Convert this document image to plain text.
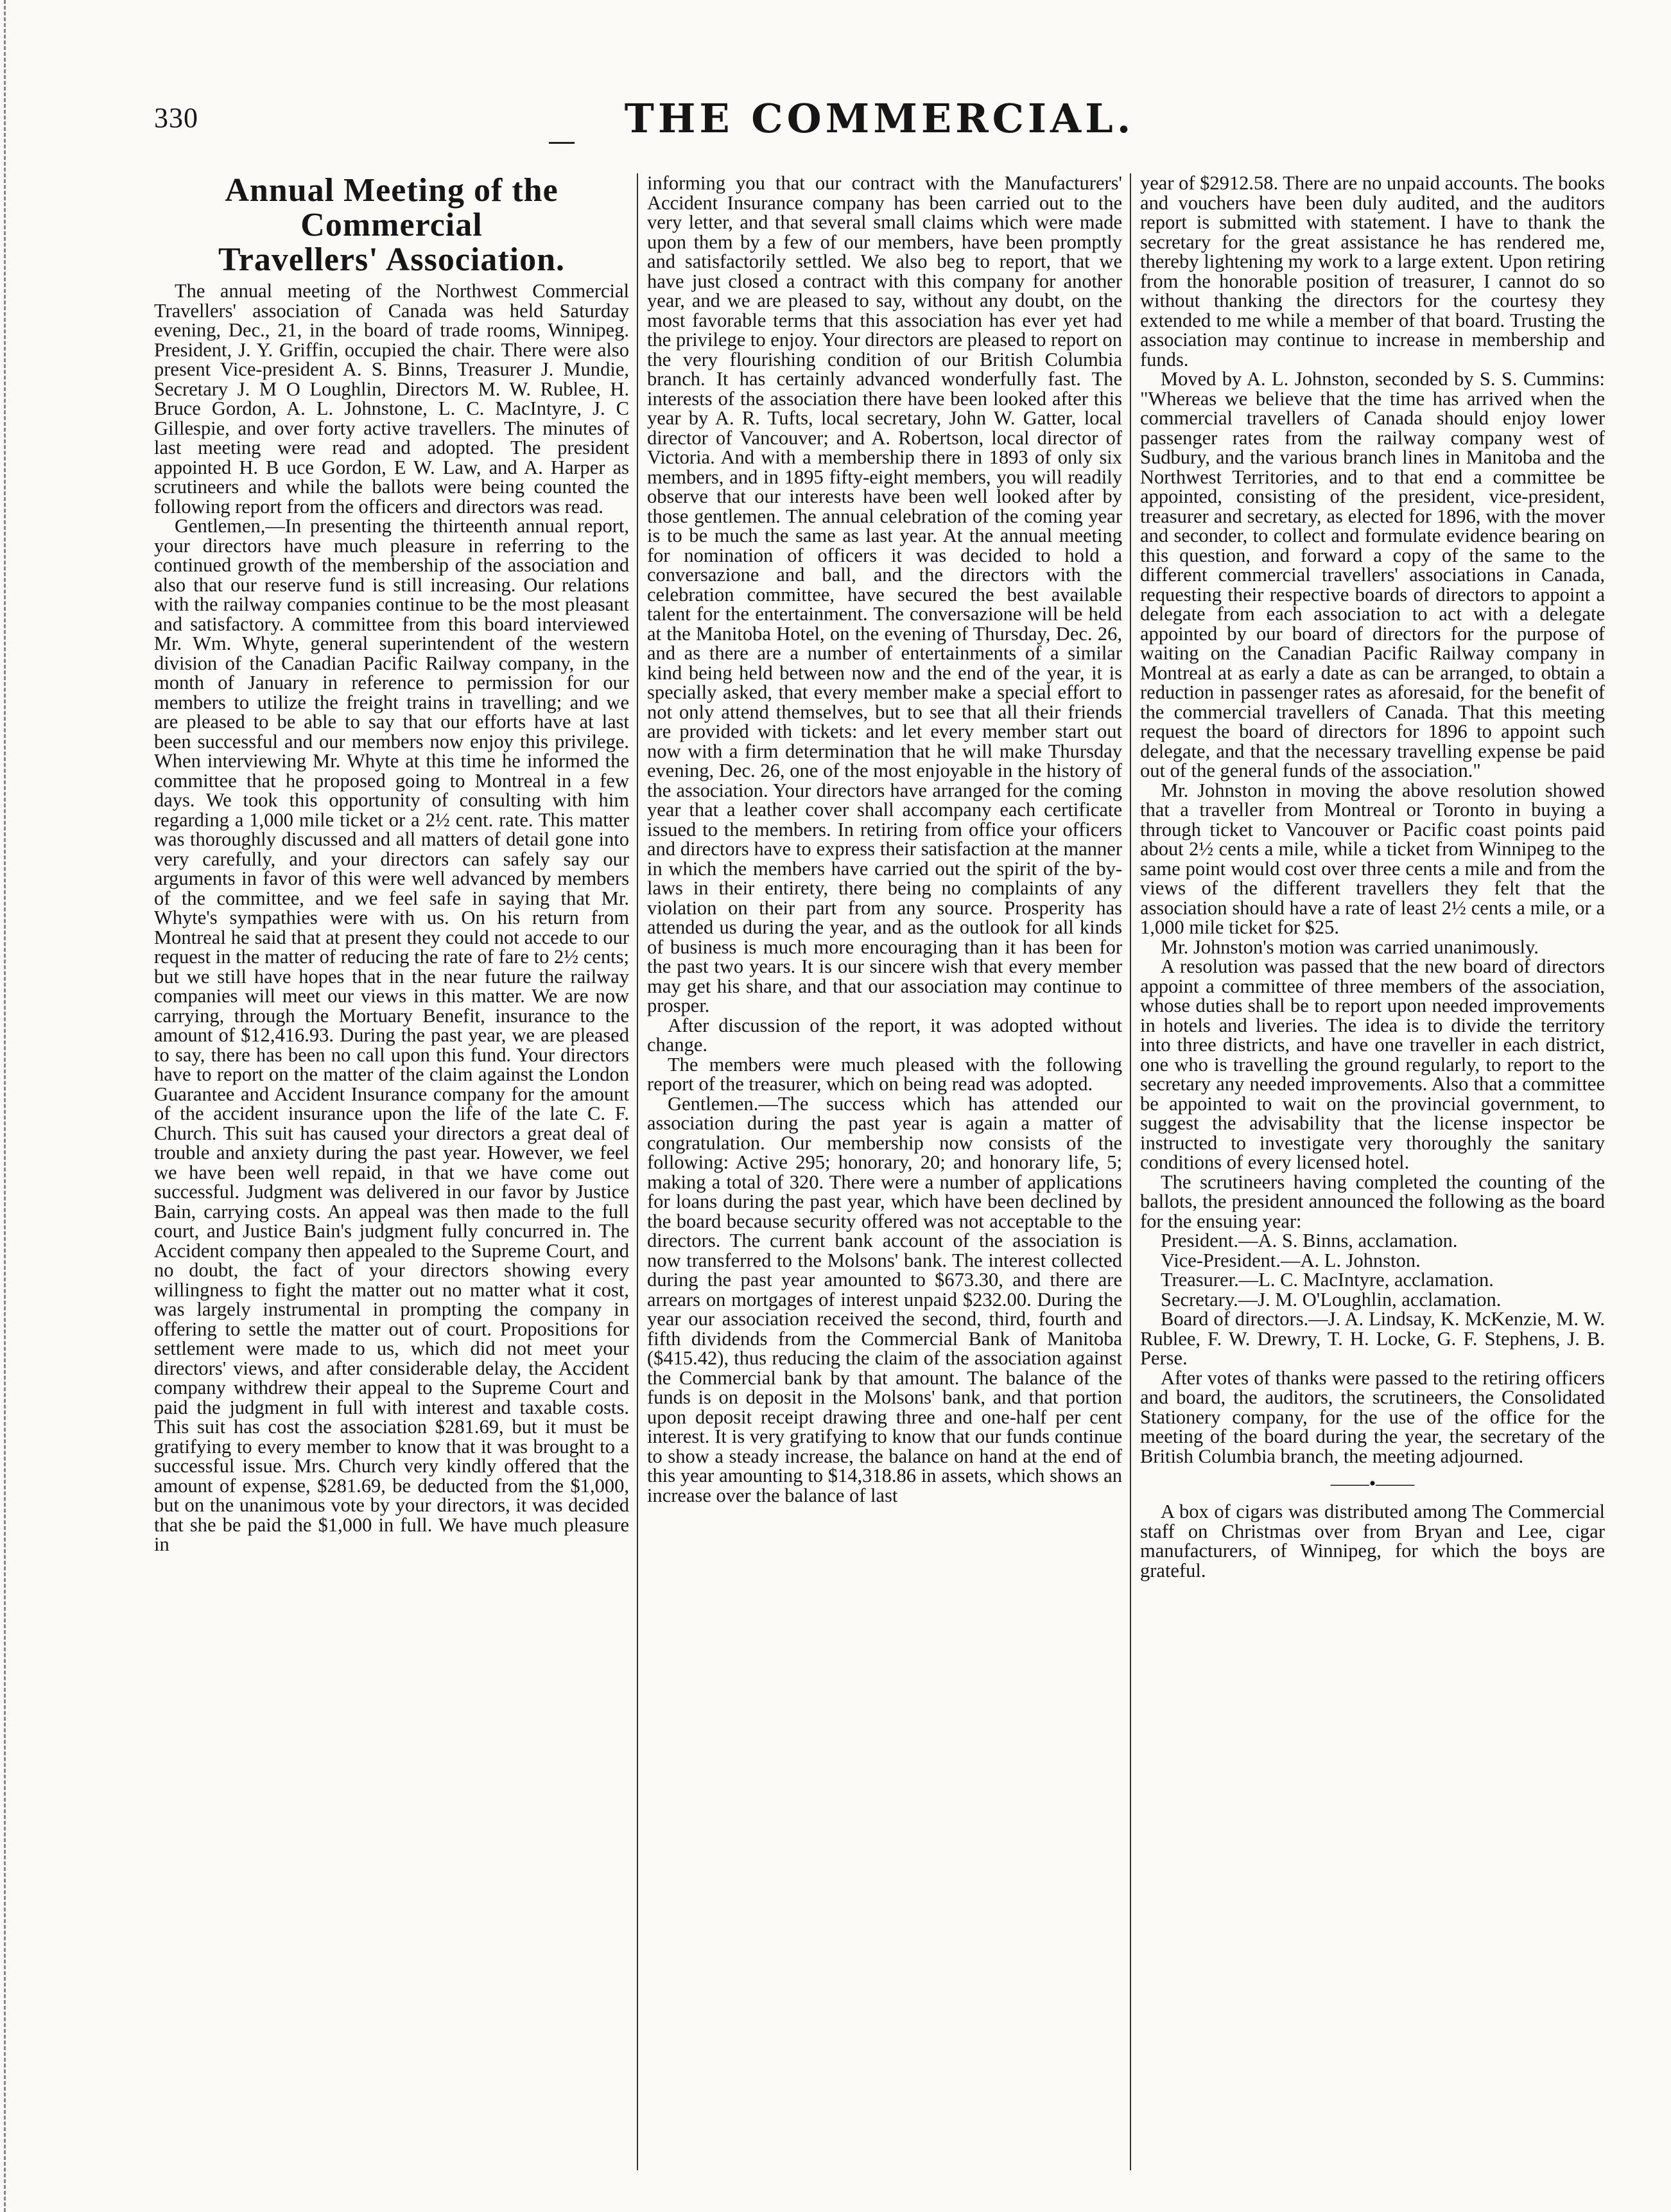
330	THE COMMERCIAL.
Annual Meeting of the Commercial
Travellers' Association.

The annual meeting of the Northwest Commercial Travellers' association of Canada was held Saturday evening, Dec., 21, in the board of trade rooms, Winnipeg. President, J. Y. Griffin, occupied the chair. There were also present Vice-president A. S. Binns, Treasurer J. Mundie, Secretary J. M O Loughlin, Directors M. W. Rublee, H. Bruce Gordon, A. L. Johnstone, L. C. MacIntyre, J. C Gillespie, and over forty active travellers. The minutes of last meeting were read and adopted. The president appointed H. B uce Gordon, E W. Law, and A. Harper as scrutineers and while the ballots were being counted the following report from the officers and directors was read.

Gentlemen,—In presenting the thirteenth annual report, your directors have much pleasure in referring to the continued growth of the membership of the association and also that our reserve fund is still increasing. Our relations with the railway companies continue to be the most pleasant and satisfactory. A committee from this board interviewed Mr. Wm. Whyte, general superintendent of the western division of the Canadian Pacific Railway company, in the month of January in reference to permission for our members to utilize the freight trains in travelling; and we are pleased to be able to say that our efforts have at last been successful and our members now enjoy this privilege. When interviewing Mr. Whyte at this time he informed the committee that he proposed going to Montreal in a few days. We took this opportunity of consulting with him regarding a 1,000 mile ticket or a 2½ cent. rate. This matter was thoroughly discussed and all matters of detail gone into very carefully, and your directors can safely say our arguments in favor of this were well advanced by members of the committee, and we feel safe in saying that Mr. Whyte's sympathies were with us. On his return from Montreal he said that at present they could not accede to our request in the matter of reducing the rate of fare to 2½ cents; but we still have hopes that in the near future the railway companies will meet our views in this matter. We are now carrying, through the Mortuary Benefit, insurance to the amount of $12,416.93. During the past year, we are pleased to say, there has been no call upon this fund. Your directors have to report on the matter of the claim against the London Guarantee and Accident Insurance company for the amount of the accident insurance upon the life of the late C. F. Church. This suit has caused your directors a great deal of trouble and anxiety during the past year. However, we feel we have been well repaid, in that we have come out successful. Judgment was delivered in our favor by Justice Bain, carrying costs. An appeal was then made to the full court, and Justice Bain's judgment fully concurred in. The Accident company then appealed to the Supreme Court, and no doubt, the fact of your directors showing every willingness to fight the matter out no matter what it cost, was largely instrumental in prompting the company in offering to settle the matter out of court. Propositions for settlement were made to us, which did not meet your directors' views, and after considerable delay, the Accident company withdrew their appeal to the Supreme Court and paid the judgment in full with interest and taxable costs. This suit has cost the association $281.69, but it must be gratifying to every member to know that it was brought to a successful issue. Mrs. Church very kindly offered that the amount of expense, $281.69, be deducted from the $1,000, but on the unanimous vote by your directors, it was decided that she be paid the $1,000 in full. We have much pleasure in

informing you that our contract with the Manufacturers' Accident Insurance company has been carried out to the very letter, and that several small claims which were made upon them by a few of our members, have been promptly and satisfactorily settled. We also beg to report, that we have just closed a contract with this company for another year, and we are pleased to say, without any doubt, on the most favorable terms that this association has ever yet had the privilege to enjoy. Your directors are pleased to report on the very flourishing condition of our British Columbia branch. It has certainly advanced wonderfully fast. The interests of the association there have been looked after this year by A. R. Tufts, local secretary, John W. Gatter, local director of Vancouver; and A. Robertson, local director of Victoria. And with a membership there in 1893 of only six members, and in 1895 fifty-eight members, you will readily observe that our interests have been well looked after by those gentlemen. The annual celebration of the coming year is to be much the same as last year. At the annual meeting for nomination of officers it was decided to hold a conversazione and ball, and the directors with the celebration committee, have secured the best available talent for the entertainment. The conversazione will be held at the Manitoba Hotel, on the evening of Thursday, Dec. 26, and as there are a number of entertainments of a similar kind being held between now and the end of the year, it is specially asked, that every member make a special effort to not only attend themselves, but to see that all their friends are provided with tickets: and let every member start out now with a firm determination that he will make Thursday evening, Dec. 26, one of the most enjoyable in the history of the association. Your directors have arranged for the coming year that a leather cover shall accompany each certificate issued to the members. In retiring from office your officers and directors have to express their satisfaction at the manner in which the members have carried out the spirit of the by-laws in their entirety, there being no complaints of any violation on their part from any source. Prosperity has attended us during the year, and as the outlook for all kinds of business is much more encouraging than it has been for the past two years. It is our sincere wish that every member may get his share, and that our association may continue to prosper.

After discussion of the report, it was adopted without change.

The members were much pleased with the following report of the treasurer, which on being read was adopted.

Gentlemen.—The success which has attended our association during the past year is again a matter of congratulation. Our membership now consists of the following: Active 295; honorary, 20; and honorary life, 5; making a total of 320. There were a number of applications for loans during the past year, which have been declined by the board because security offered was not acceptable to the directors. The current bank account of the association is now transferred to the Molsons' bank. The interest collected during the past year amounted to $673.30, and there are arrears on mortgages of interest unpaid $232.00. During the year our association received the second, third, fourth and fifth dividends from the Commercial Bank of Manitoba ($415.42), thus reducing the claim of the association against the Commercial bank by that amount. The balance of the funds is on deposit in the Molsons' bank, and that portion upon deposit receipt drawing three and one-half per cent interest. It is very gratifying to know that our funds continue to show a steady increase, the balance on hand at the end of this year amounting to $14,318.86 in assets, which shows an increase over the balance of last

year of $2912.58. There are no unpaid accounts. The books and vouchers have been duly audited, and the auditors report is submitted with statement. I have to thank the secretary for the great assistance he has rendered me, thereby lightening my work to a large extent. Upon retiring from the honorable position of treasurer, I cannot do so without thanking the directors for the courtesy they extended to me while a member of that board. Trusting the association may continue to increase in membership and funds.

Moved by A. L. Johnston, seconded by S. S. Cummins: "Whereas we believe that the time has arrived when the commercial travellers of Canada should enjoy lower passenger rates from the railway company west of Sudbury, and the various branch lines in Manitoba and the Northwest Territories, and to that end a committee be appointed, consisting of the president, vice-president, treasurer and secretary, as elected for 1896, with the mover and seconder, to collect and formulate evidence bearing on this question, and forward a copy of the same to the different commercial travellers' associations in Canada, requesting their respective boards of directors to appoint a delegate from each association to act with a delegate appointed by our board of directors for the purpose of waiting on the Canadian Pacific Railway company in Montreal at as early a date as can be arranged, to obtain a reduction in passenger rates as aforesaid, for the benefit of the commercial travellers of Canada. That this meeting request the board of directors for 1896 to appoint such delegate, and that the necessary travelling expense be paid out of the general funds of the association."

Mr. Johnston in moving the above resolution showed that a traveller from Montreal or Toronto in buying a through ticket to Vancouver or Pacific coast points paid about 2½ cents a mile, while a ticket from Winnipeg to the same point would cost over three cents a mile and from the views of the different travellers they felt that the association should have a rate of least 2½ cents a mile, or a 1,000 mile ticket for $25.

Mr. Johnston's motion was carried unanimously.

A resolution was passed that the new board of directors appoint a committee of three members of the association, whose duties shall be to report upon needed improvements in hotels and liveries. The idea is to divide the territory into three districts, and have one traveller in each district, one who is travelling the ground regularly, to report to the secretary any needed improvements. Also that a committee be appointed to wait on the provincial government, to suggest the advisability that the license inspector be instructed to investigate very thoroughly the sanitary conditions of every licensed hotel.

The scrutineers having completed the counting of the ballots, the president announced the following as the board for the ensuing year:

President.—A. S. Binns, acclamation.

Vice-President.—A. L. Johnston.

Treasurer.—L. C. MacIntyre, acclamation.

Secretary.—J. M. O'Loughlin, acclamation.

Board of directors.—J. A. Lindsay, K. McKenzie, M. W. Rublee, F. W. Drewry, T. H. Locke, G. F. Stephens, J. B. Perse.

After votes of thanks were passed to the retiring officers and board, the auditors, the scrutineers, the Consolidated Stationery company, for the use of the office for the meeting of the board during the year, the secretary of the British Columbia branch, the meeting adjourned.

——•——

A box of cigars was distributed among The Commercial staff on Christmas over from Bryan and Lee, cigar manufacturers, of Winnipeg, for which the boys are grateful.
